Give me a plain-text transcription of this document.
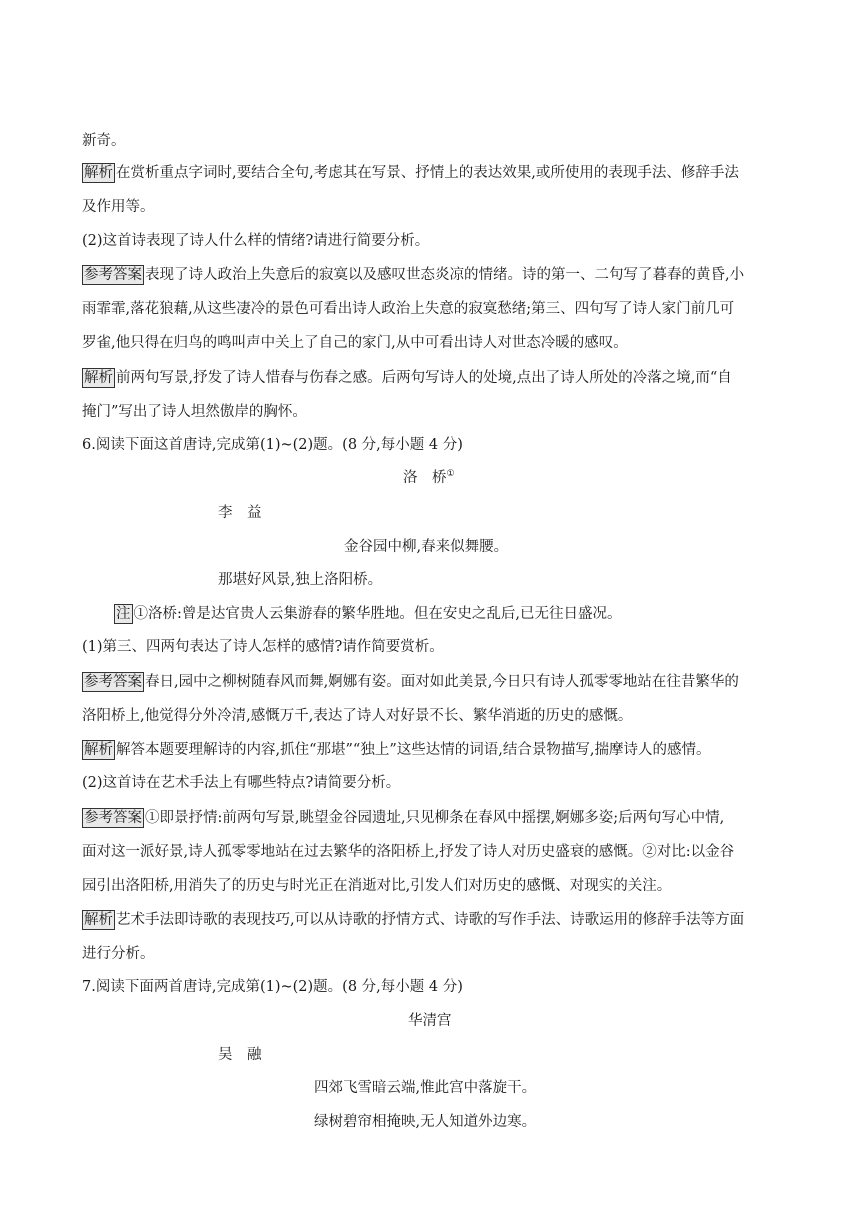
新奇。
解析 在赏析重点字词时,要结合全句,考虑其在写景、抒情上的表达效果,或所使用的表现手法、修辞手法
及作用等。
(2)这首诗表现了诗人什么样的情绪?请进行简要分析。
参考答案 表现了诗人政治上失意后的寂寞以及感叹世态炎凉的情绪。诗的第一、二句写了暮春的黄昏,小
雨霏霏,落花狼藉,从这些凄冷的景色可看出诗人政治上失意的寂寞愁绪;第三、四句写了诗人家门前几可
罗雀,他只得在归鸟的鸣叫声中关上了自己的家门,从中可看出诗人对世态冷暖的感叹。
解析 前两句写景,抒发了诗人惜春与伤春之感。后两句写诗人的处境,点出了诗人所处的冷落之境,而“自
掩门”写出了诗人坦然傲岸的胸怀。
6.阅读下面这首唐诗,完成第(1)~(2)题。(8 分,每小题 4 分)
洛　桥①
李　益
金谷园中柳,春来似舞腰。
那堪好风景,独上洛阳桥。
注 ①洛桥:曾是达官贵人云集游春的繁华胜地。但在安史之乱后,已无往日盛况。
(1)第三、四两句表达了诗人怎样的感情?请作简要赏析。
参考答案 春日,园中之柳树随春风而舞,婀娜有姿。面对如此美景,今日只有诗人孤零零地站在往昔繁华的
洛阳桥上,他觉得分外冷清,感慨万千,表达了诗人对好景不长、繁华消逝的历史的感慨。
解析 解答本题要理解诗的内容,抓住“那堪”“独上”这些达情的词语,结合景物描写,揣摩诗人的感情。
(2)这首诗在艺术手法上有哪些特点?请简要分析。
参考答案 ①即景抒情:前两句写景,眺望金谷园遗址,只见柳条在春风中摇摆,婀娜多姿;后两句写心中情,
面对这一派好景,诗人孤零零地站在过去繁华的洛阳桥上,抒发了诗人对历史盛衰的感慨。②对比:以金谷
园引出洛阳桥,用消失了的历史与时光正在消逝对比,引发人们对历史的感慨、对现实的关注。
解析 艺术手法即诗歌的表现技巧,可以从诗歌的抒情方式、诗歌的写作手法、诗歌运用的修辞手法等方面
进行分析。
7.阅读下面两首唐诗,完成第(1)~(2)题。(8 分,每小题 4 分)
华清宫
吴　融
四郊飞雪暗云端,惟此宫中落旋干。
绿树碧帘相掩映,无人知道外边寒。
